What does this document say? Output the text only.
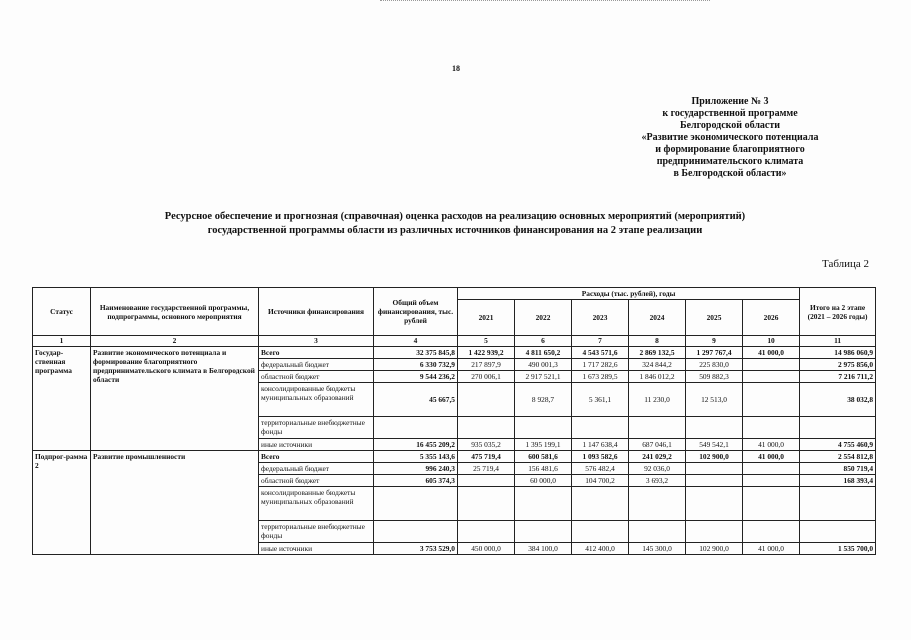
18
Приложение № 3
к государственной программе
Белгородской области
«Развитие экономического потенциала
и формирование благоприятного
предпринимательского климата
в Белгородской области»
Ресурсное обеспечение и прогнозная (справочная) оценка расходов на реализацию основных мероприятий (мероприятий)
государственной программы области из различных источников финансирования на 2 этапе реализации
Таблица 2
Статус	Наименование государственной программы, подпрограммы, основного мероприятия	Источники финансирования	Общий объем финансирования, тыс. рублей	Расходы (тыс. рублей), годы						Итого на 2 этапе (2021 – 2026 годы)
				2021	2022	2023	2024	2025	2026	
1	2	3	4	5	6	7	8	9	10	11
Государ-ственная программа	Развитие экономического потенциала и формирование благоприятного предпринимательского климата в Белгородской области	Всего	32 375 845,8	1 422 939,2	4 811 650,2	4 543 571,6	2 869 132,5	1 297 767,4	41 000,0	14 986 060,9
		федеральный бюджет	6 330 732,9	217 897,9	490 001,3	1 717 282,6	324 844,2	225 830,0		2 975 856,0
		областной бюджет	9 544 236,2	270 006,1	2 917 521,1	1 673 289,5	1 846 012,2	509 882,3		7 216 711,2
		консолидированные бюджеты муниципальных образований	45 667,5		8 928,7	5 361,1	11 230,0	12 513,0		38 032,8
		территориальные внебюджетные фонды								
		иные источники	16 455 209,2	935 035,2	1 395 199,1	1 147 638,4	687 046,1	549 542,1	41 000,0	4 755 460,9
Подпрог-рамма 2	Развитие промышленности	Всего	5 355 143,6	475 719,4	600 581,6	1 093 582,6	241 029,2	102 900,0	41 000,0	2 554 812,8
		федеральный бюджет	996 240,3	25 719,4	156 481,6	576 482,4	92 036,0			850 719,4
		областной бюджет	605 374,3		60 000,0	104 700,2	3 693,2			168 393,4
		консолидированные бюджеты муниципальных образований								
		территориальные внебюджетные фонды								
		иные источники	3 753 529,0	450 000,0	384 100,0	412 400,0	145 300,0	102 900,0	41 000,0	1 535 700,0
